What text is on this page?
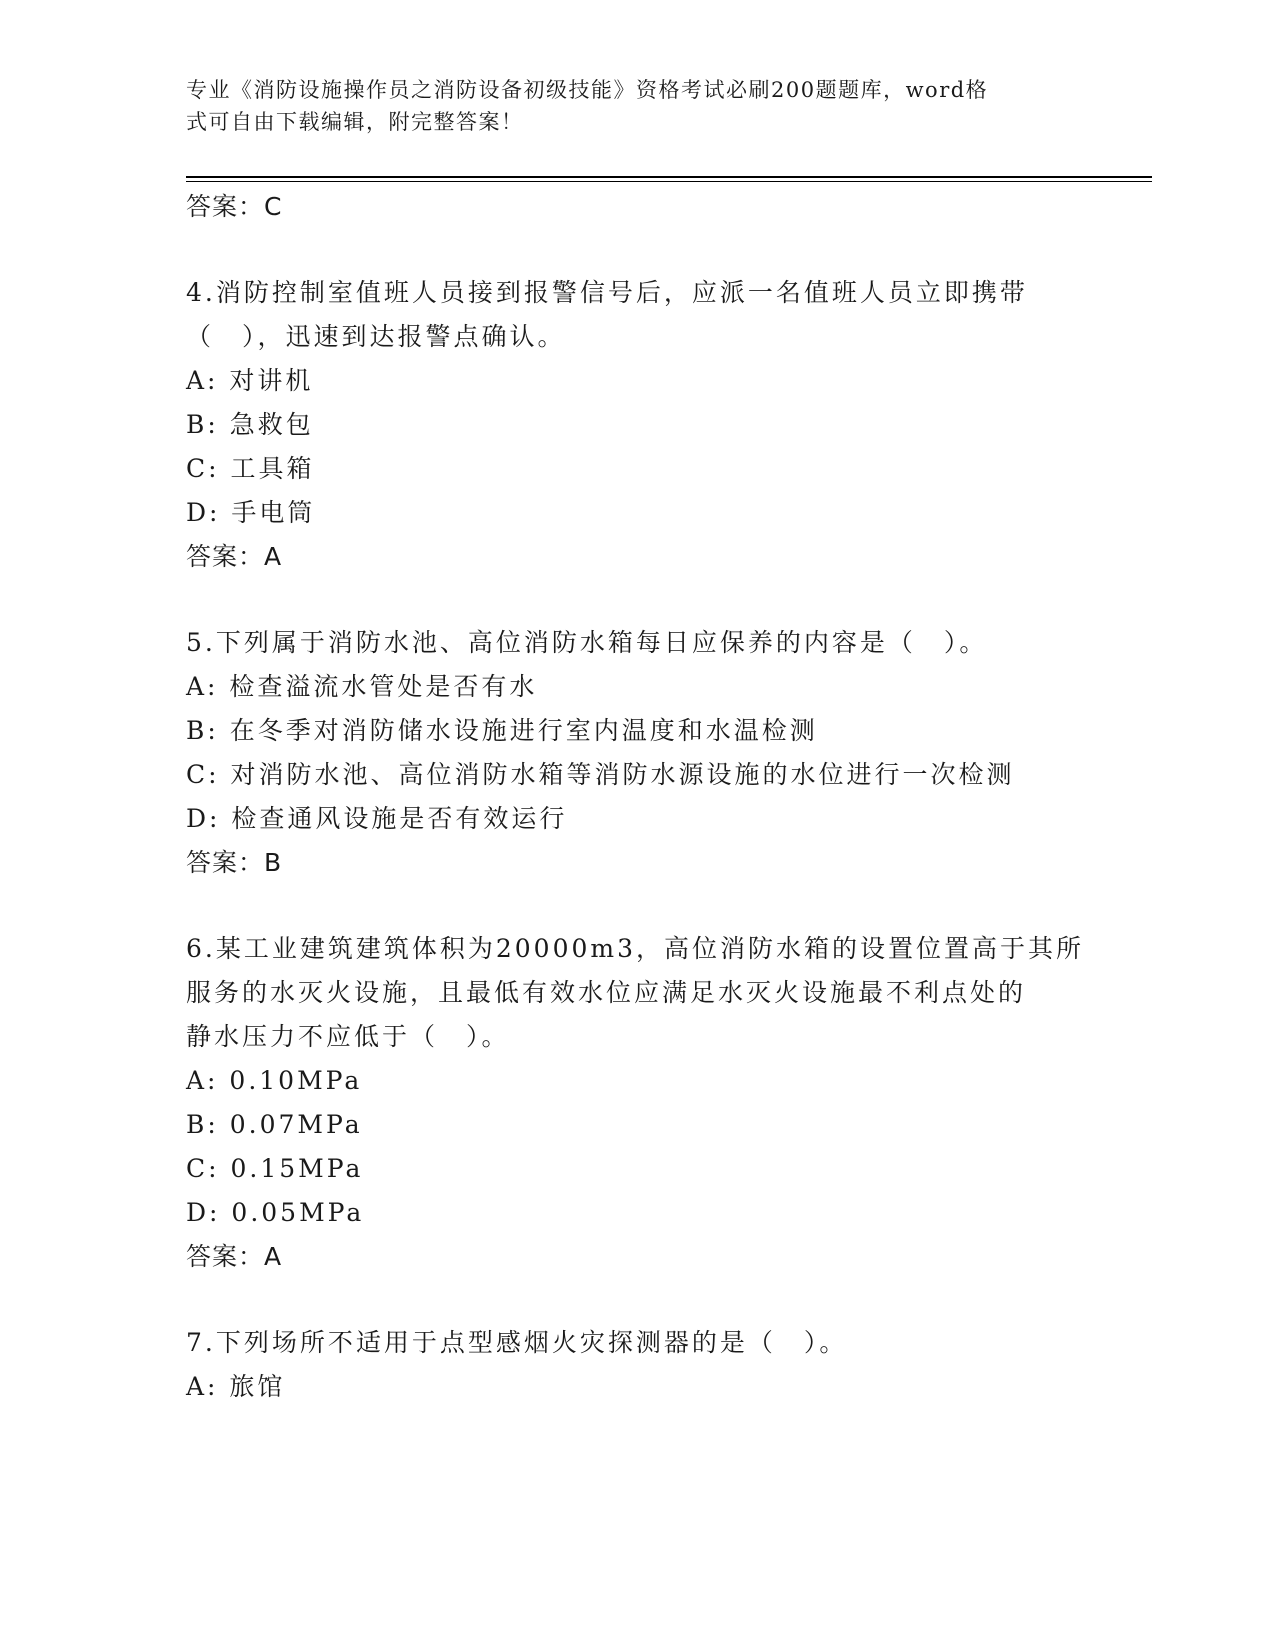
专业《消防设施操作员之消防设备初级技能》资格考试必刷200题题库，word格
式可自由下载编辑，附完整答案！

答案：C

4.消防控制室值班人员接到报警信号后，应派一名值班人员立即携带

（　），迅速到达报警点确认。

A: 对讲机

B: 急救包

C: 工具箱

D: 手电筒

答案：A

5.下列属于消防水池、高位消防水箱每日应保养的内容是（　）。

A: 检查溢流水管处是否有水

B: 在冬季对消防储水设施进行室内温度和水温检测

C: 对消防水池、高位消防水箱等消防水源设施的水位进行一次检测

D: 检查通风设施是否有效运行

答案：B

6.某工业建筑建筑体积为20000m3，高位消防水箱的设置位置高于其所

服务的水灭火设施，且最低有效水位应满足水灭火设施最不利点处的

静水压力不应低于（　）。

A: 0.10MPa

B: 0.07MPa

C: 0.15MPa

D: 0.05MPa

答案：A

7.下列场所不适用于点型感烟火灾探测器的是（　）。

A: 旅馆
